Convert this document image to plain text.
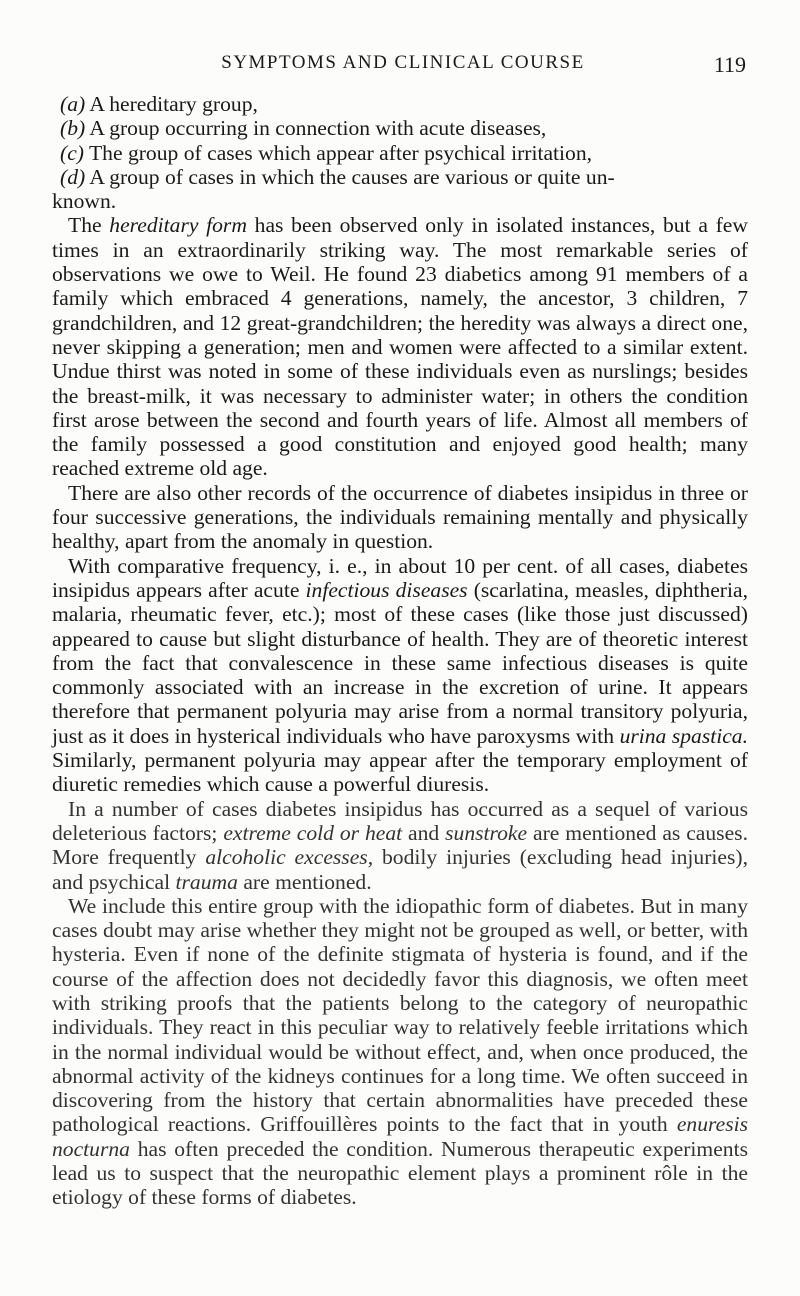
SYMPTOMS AND CLINICAL COURSE	119

(a) A hereditary group,

(b) A group occurring in connection with acute diseases,

(c) The group of cases which appear after psychical irritation,

(d) A group of cases in which the causes are various or quite un-

known.

The hereditary form has been observed only in isolated instances, but a few times in an extraordinarily striking way. The most remarkable series of observations we owe to Weil. He found 23 diabetics among 91 members of a family which embraced 4 generations, namely, the ancestor, 3 children, 7 grandchildren, and 12 great-grandchildren; the heredity was always a direct one, never skipping a generation; men and women were affected to a similar extent. Undue thirst was noted in some of these individuals even as nurslings; besides the breast-milk, it was necessary to administer water; in others the condition first arose between the second and fourth years of life. Almost all members of the family possessed a good constitution and enjoyed good health; many reached extreme old age.

There are also other records of the occurrence of diabetes insipidus in three or four successive generations, the individuals remaining mentally and physically healthy, apart from the anomaly in question.

With comparative frequency, i. e., in about 10 per cent. of all cases, diabetes insipidus appears after acute infectious diseases (scarlatina, measles, diphtheria, malaria, rheumatic fever, etc.); most of these cases (like those just discussed) appeared to cause but slight disturbance of health. They are of theoretic interest from the fact that convalescence in these same infectious diseases is quite commonly associated with an increase in the excretion of urine. It appears therefore that permanent polyuria may arise from a normal transitory polyuria, just as it does in hysterical individuals who have paroxysms with urina spastica. Similarly, permanent polyuria may appear after the temporary employment of diuretic remedies which cause a powerful diuresis.

In a number of cases diabetes insipidus has occurred as a sequel of various deleterious factors; extreme cold or heat and sunstroke are mentioned as causes. More frequently alcoholic excesses, bodily injuries (excluding head injuries), and psychical trauma are mentioned.

We include this entire group with the idiopathic form of diabetes. But in many cases doubt may arise whether they might not be grouped as well, or better, with hysteria. Even if none of the definite stigmata of hysteria is found, and if the course of the affection does not decidedly favor this diagnosis, we often meet with striking proofs that the patients belong to the category of neuropathic individuals. They react in this peculiar way to relatively feeble irritations which in the normal individual would be without effect, and, when once produced, the abnormal activity of the kidneys continues for a long time. We often succeed in discovering from the history that certain abnormalities have preceded these pathological reactions. Griffouillères points to the fact that in youth enuresis nocturna has often preceded the condition. Numerous therapeutic experiments lead us to suspect that the neuropathic element plays a prominent rôle in the etiology of these forms of diabetes.
